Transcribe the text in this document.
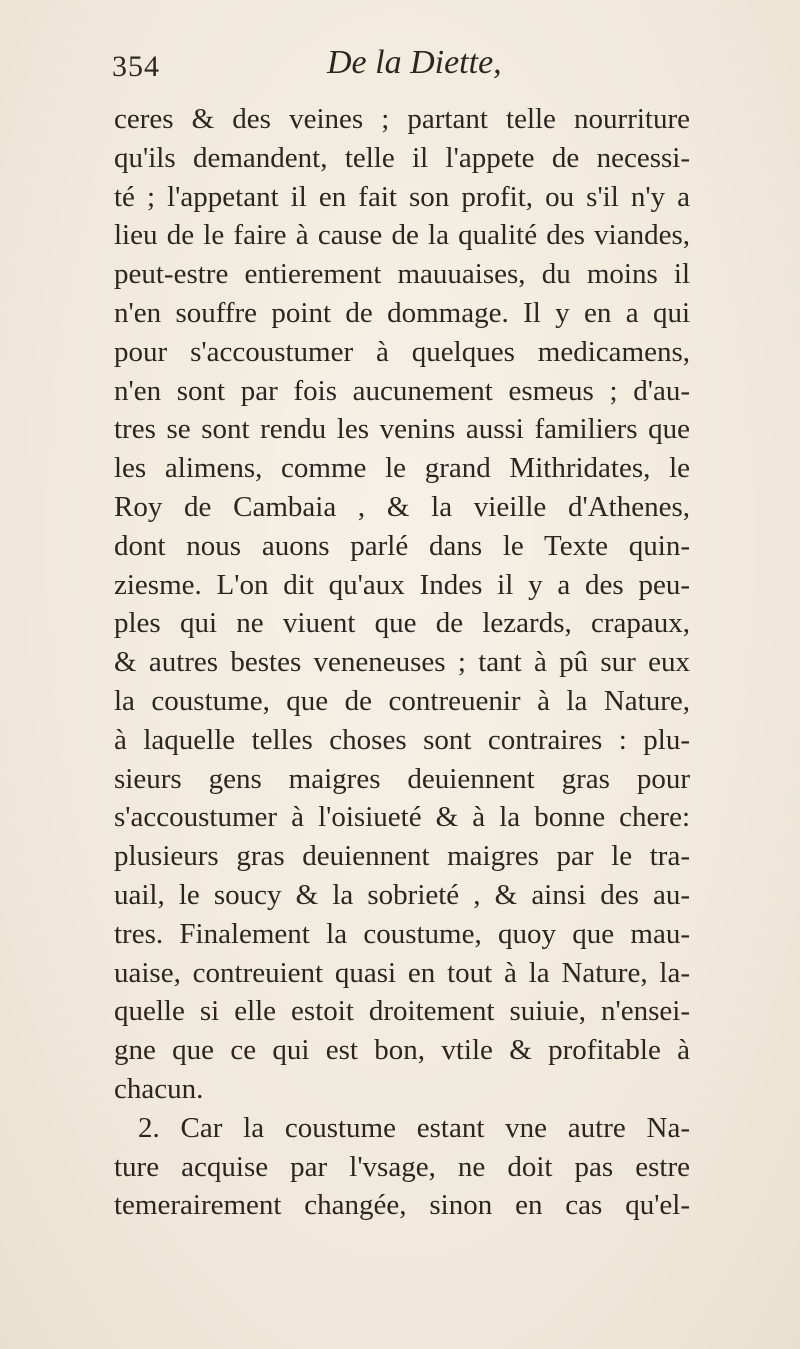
354	De la Diette,
ceres & des veines ; partant telle nourriture
qu'ils demandent, telle il l'appete de necessi-
té ; l'appetant il en fait son profit, ou s'il n'y a
lieu de le faire à cause de la qualité des viandes,
peut-estre entierement mauuaises, du moins il
n'en souffre point de dommage. Il y en a qui
pour s'accoustumer à quelques medicamens,
n'en sont par fois aucunement esmeus ; d'au-
tres se sont rendu les venins aussi familiers que
les alimens, comme le grand Mithridates, le
Roy de Cambaia , & la vieille d'Athenes,
dont nous auons parlé dans le Texte quin-
ziesme. L'on dit qu'aux Indes il y a des peu-
ples qui ne viuent que de lezards, crapaux,
& autres bestes veneneuses ; tant à pû sur eux
la coustume, que de contreuenir à la Nature,
à laquelle telles choses sont contraires : plu-
sieurs gens maigres deuiennent gras pour
s'accoustumer à l'oisiueté & à la bonne chere:
plusieurs gras deuiennent maigres par le tra-
uail, le soucy & la sobrieté , & ainsi des au-
tres. Finalement la coustume, quoy que mau-
uaise, contreuient quasi en tout à la Nature, la-
quelle si elle estoit droitement suiuie, n'ensei-
gne que ce qui est bon, vtile & profitable à
chacun.
2. Car la coustume estant vne autre Na-
ture acquise par l'vsage, ne doit pas estre
temerairement changée, sinon en cas qu'el-
